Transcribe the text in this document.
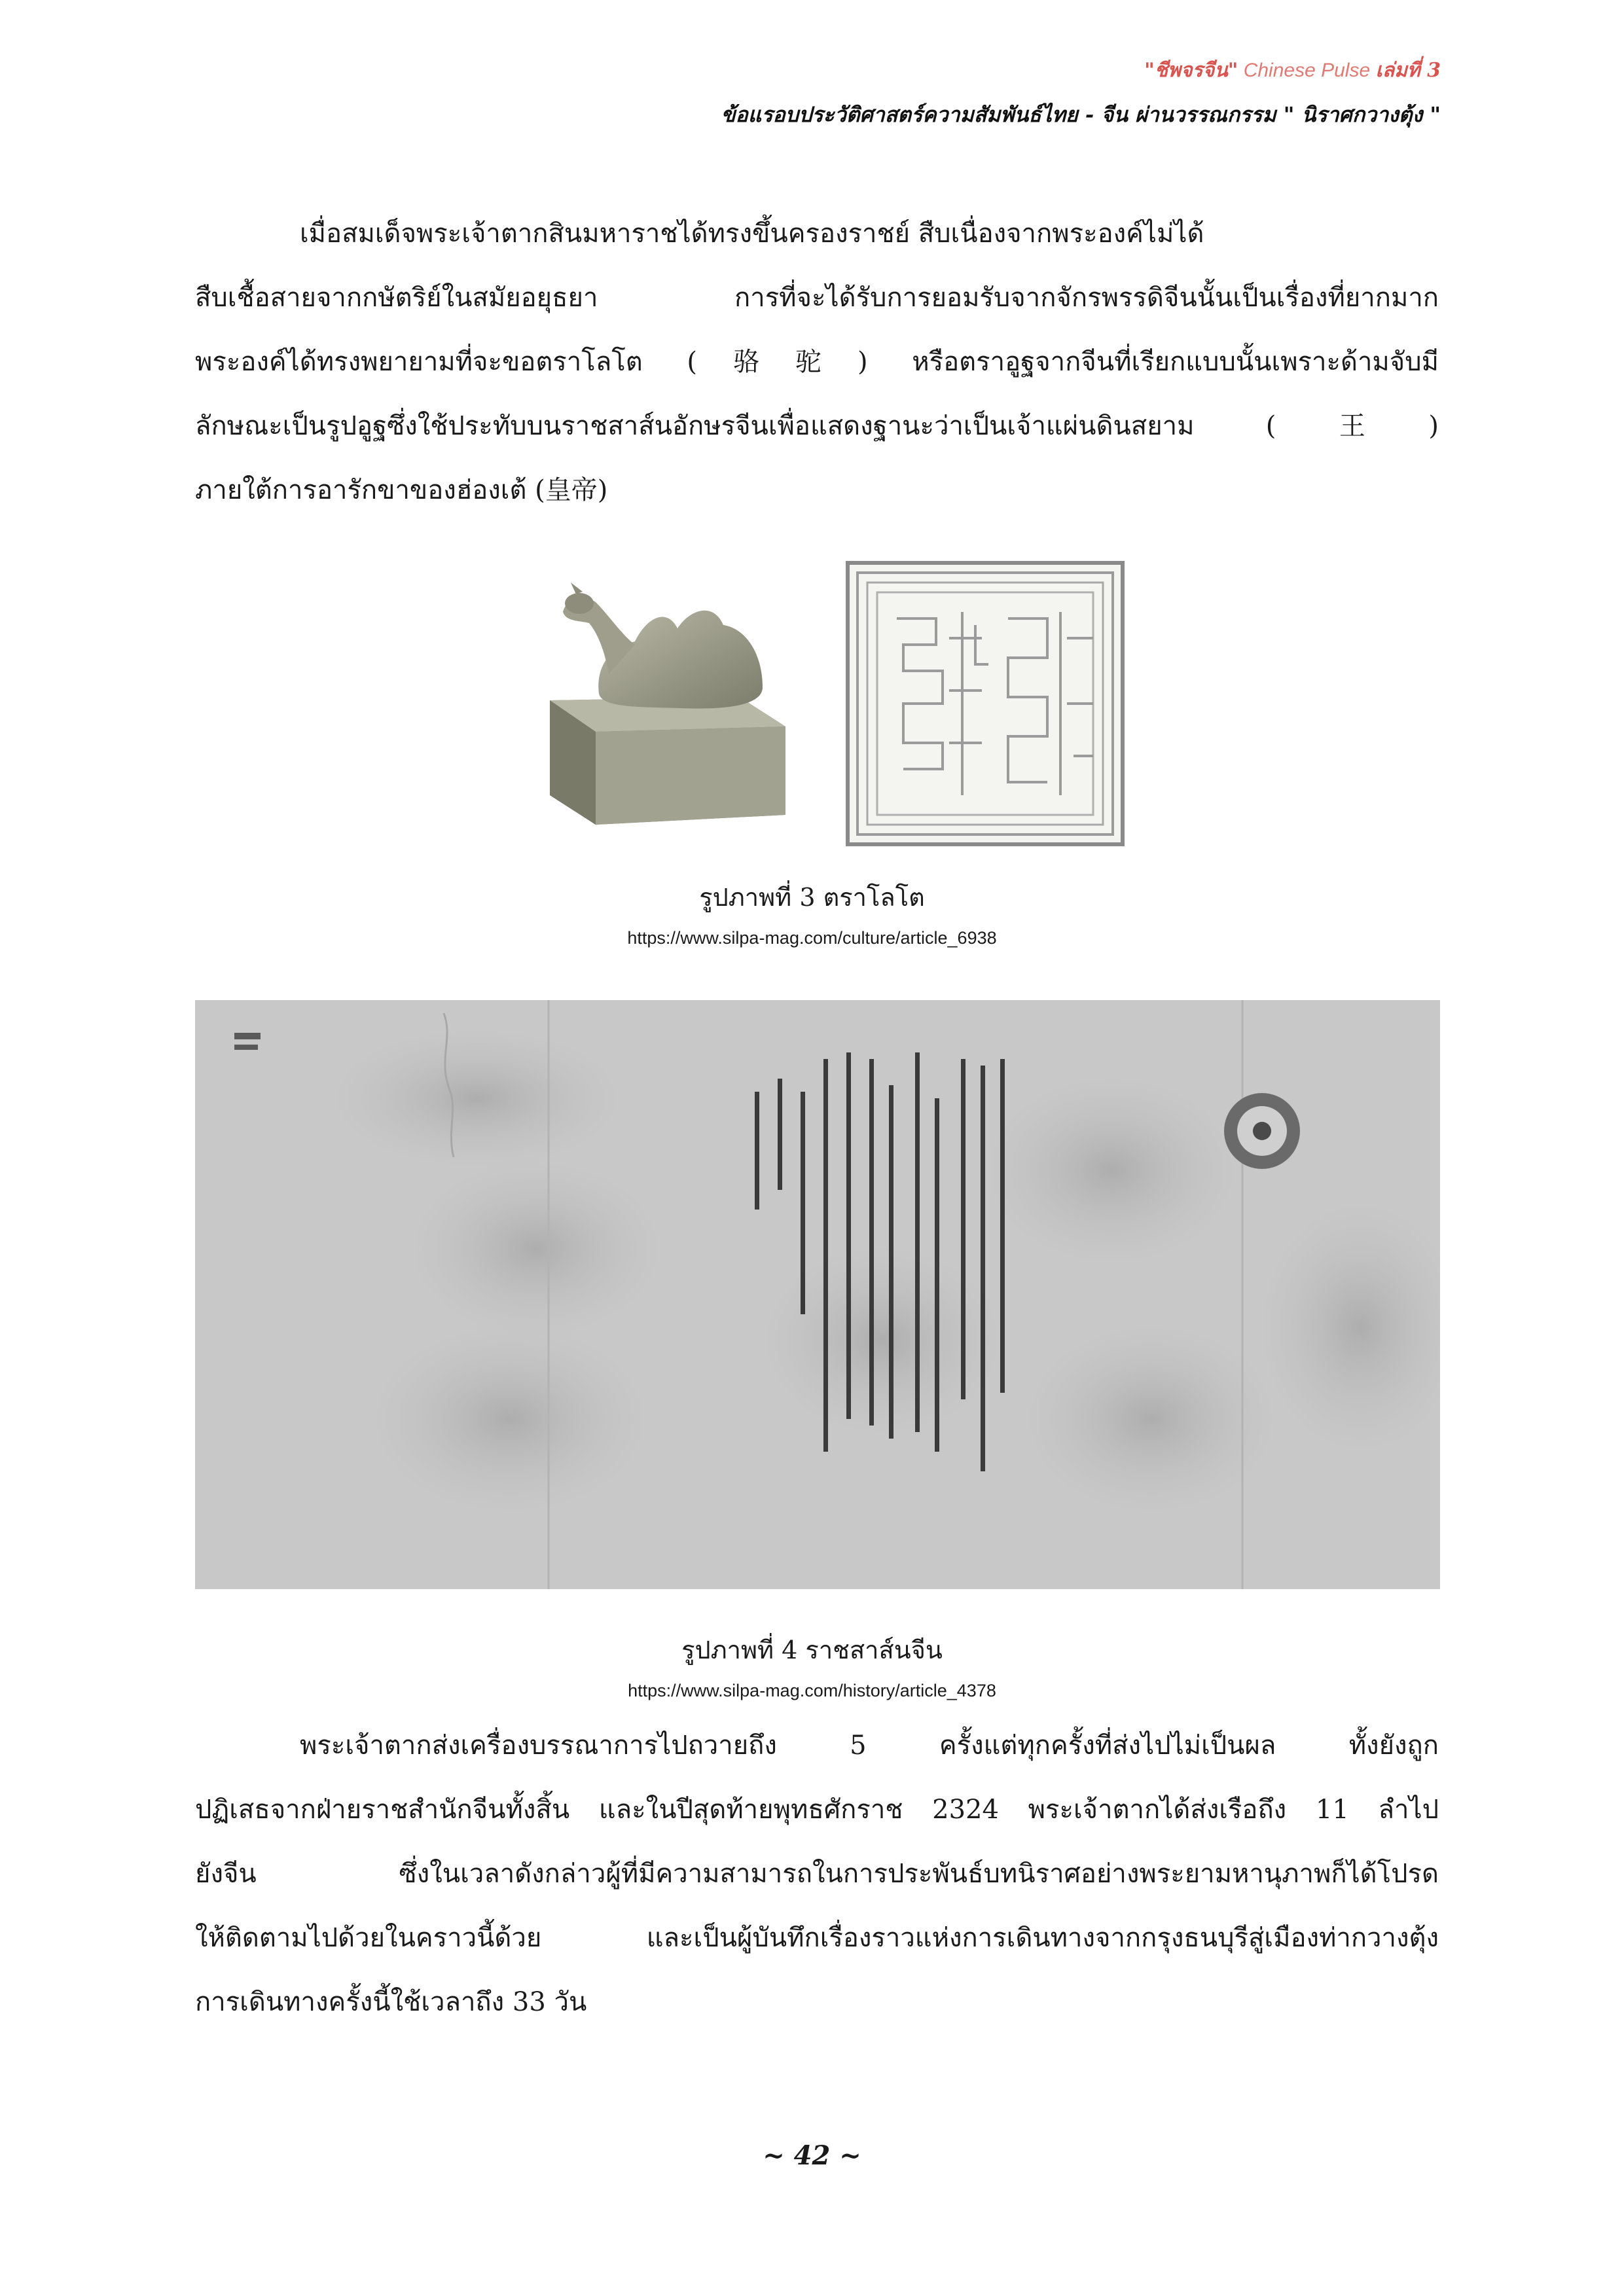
"ชีพจรจีน" Chinese Pulse เล่มที่ 3
ข้อแรอบประวัติศาสตร์ความสัมพันธ์ไทย - จีน ผ่านวรรณกรรม " นิราศกวางตุ้ง "
เมื่อสมเด็จพระเจ้าตากสินมหาราชได้ทรงขึ้นครองราชย์ สืบเนื่องจากพระองค์ไม่ได้
สืบเชื้อสายจากกษัตริย์ในสมัยอยุธยา การที่จะได้รับการยอมรับจากจักรพรรดิจีนนั้นเป็นเรื่องที่ยากมาก
พระองค์ได้ทรงพยายามที่จะขอตราโลโต (骆驼) หรือตราอูฐจากจีนที่เรียกแบบนั้นเพราะด้ามจับมี
ลักษณะเป็นรูปอูฐซึ่งใช้ประทับบนราชสาส์นอักษรจีนเพื่อแสดงฐานะว่าเป็นเจ้าแผ่นดินสยาม (王)
ภายใต้การอารักขาของฮ่องเต้ (皇帝)
รูปภาพที่ 3 ตราโลโต
https://www.silpa-mag.com/culture/article_6938
รูปภาพที่ 4 ราชสาส์นจีน
https://www.silpa-mag.com/history/article_4378
พระเจ้าตากส่งเครื่องบรรณาการไปถวายถึง 5 ครั้งแต่ทุกครั้งที่ส่งไปไม่เป็นผล ทั้งยังถูก
ปฏิเสธจากฝ่ายราชสำนักจีนทั้งสิ้น และในปีสุดท้ายพุทธศักราช 2324 พระเจ้าตากได้ส่งเรือถึง 11 ลำไป
ยังจีน ซึ่งในเวลาดังกล่าวผู้ที่มีความสามารถในการประพันธ์บทนิราศอย่างพระยามหานุภาพก็ได้โปรด
ให้ติดตามไปด้วยในคราวนี้ด้วย และเป็นผู้บันทึกเรื่องราวแห่งการเดินทางจากกรุงธนบุรีสู่เมืองท่ากวางตุ้ง
การเดินทางครั้งนี้ใช้เวลาถึง 33 วัน
~ 42 ~
